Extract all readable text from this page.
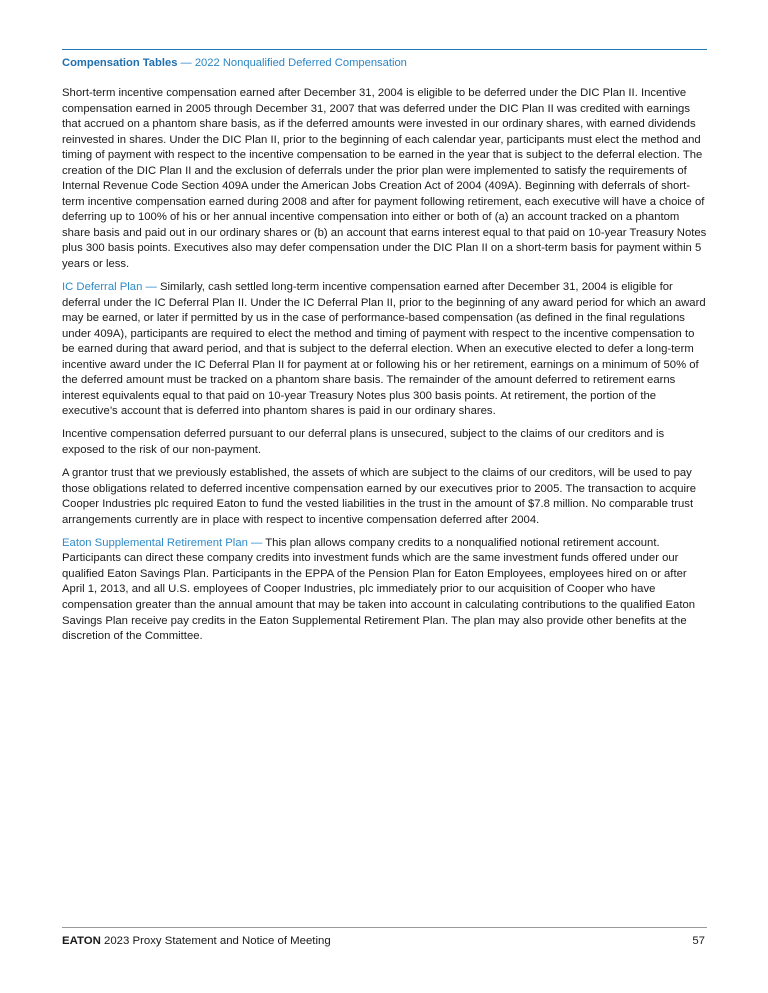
Compensation Tables — 2022 Nonqualified Deferred Compensation

Short-term incentive compensation earned after December 31, 2004 is eligible to be deferred under the DIC Plan II. Incentive compensation earned in 2005 through December 31, 2007 that was deferred under the DIC Plan II was credited with earnings that accrued on a phantom share basis, as if the deferred amounts were invested in our ordinary shares, with earned dividends reinvested in shares. Under the DIC Plan II, prior to the beginning of each calendar year, participants must elect the method and timing of payment with respect to the incentive compensation to be earned in the year that is subject to the deferral election. The creation of the DIC Plan II and the exclusion of deferrals under the prior plan were implemented to satisfy the requirements of Internal Revenue Code Section 409A under the American Jobs Creation Act of 2004 (409A). Beginning with deferrals of short-term incentive compensation earned during 2008 and after for payment following retirement, each executive will have a choice of deferring up to 100% of his or her annual incentive compensation into either or both of (a) an account tracked on a phantom share basis and paid out in our ordinary shares or (b) an account that earns interest equal to that paid on 10-year Treasury Notes plus 300 basis points. Executives also may defer compensation under the DIC Plan II on a short-term basis for payment within 5 years or less.

IC Deferral Plan — Similarly, cash settled long-term incentive compensation earned after December 31, 2004 is eligible for deferral under the IC Deferral Plan II. Under the IC Deferral Plan II, prior to the beginning of any award period for which an award may be earned, or later if permitted by us in the case of performance-based compensation (as defined in the final regulations under 409A), participants are required to elect the method and timing of payment with respect to the incentive compensation to be earned during that award period, and that is subject to the deferral election. When an executive elected to defer a long-term incentive award under the IC Deferral Plan II for payment at or following his or her retirement, earnings on a minimum of 50% of the deferred amount must be tracked on a phantom share basis. The remainder of the amount deferred to retirement earns interest equivalents equal to that paid on 10-year Treasury Notes plus 300 basis points. At retirement, the portion of the executive’s account that is deferred into phantom shares is paid in our ordinary shares.

Incentive compensation deferred pursuant to our deferral plans is unsecured, subject to the claims of our creditors and is exposed to the risk of our non-payment.

A grantor trust that we previously established, the assets of which are subject to the claims of our creditors, will be used to pay those obligations related to deferred incentive compensation earned by our executives prior to 2005. The transaction to acquire Cooper Industries plc required Eaton to fund the vested liabilities in the trust in the amount of $7.8 million. No comparable trust arrangements currently are in place with respect to incentive compensation deferred after 2004.

Eaton Supplemental Retirement Plan — This plan allows company credits to a nonqualified notional retirement account. Participants can direct these company credits into investment funds which are the same investment funds offered under our qualified Eaton Savings Plan. Participants in the EPPA of the Pension Plan for Eaton Employees, employees hired on or after April 1, 2013, and all U.S. employees of Cooper Industries, plc immediately prior to our acquisition of Cooper who have compensation greater than the annual amount that may be taken into account in calculating contributions to the qualified Eaton Savings Plan receive pay credits in the Eaton Supplemental Retirement Plan. The plan may also provide other benefits at the discretion of the Committee.

EATON 2023 Proxy Statement and Notice of Meeting	57
